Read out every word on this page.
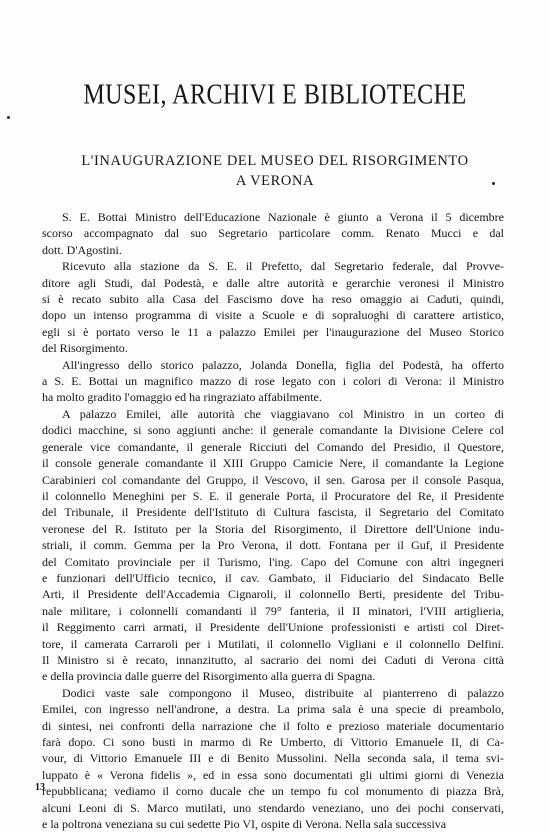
MUSEI, ARCHIVI E BIBLIOTECHE
L'INAUGURAZIONE DEL MUSEO DEL RISORGIMENTO
A VERONA

S. E. Bottai Ministro dell'Educazione Nazionale è giunto a Verona il 5 dicembre
scorso accompagnato dal suo Segretario particolare comm. Renato Mucci e dal
dott. D'Agostini.

Ricevuto alla stazione da S. E. il Prefetto, dal Segretario federale, dal Provve-
ditore agli Studi, dal Podestà, e dalle altre autorità e gerarchie veronesi il Ministro
si è recato subito alla Casa del Fascismo dove ha reso omaggio ai Caduti, quindi,
dopo un intenso programma di visite a Scuole e di sopraluoghi di carattere artistico,
egli si è portato verso le 11 a palazzo Emilei per l'inaugurazione del Museo Storico
del Risorgimento.

All'ingresso dello storico palazzo, Jolanda Donella, figlia del Podestà, ha offerto
a S. E. Bottai un magnifico mazzo di rose legato con i colori di Verona: il Ministro
ha molto gradito l'omaggio ed ha ringraziato affabilmente.

A palazzo Emilei, alle autorità che viaggiavano col Ministro in un corteo di
dodici macchine, si sono aggiunti anche: il generale comandante la Divisione Celere col
generale vice comandante, il generale Ricciuti del Comando del Presidio, il Questore,
il console generale comandante il XIII Gruppo Camicie Nere, il comandante la Legione
Carabinieri col comandante del Gruppo, il Vescovo, il sen. Garosa per il console Pasqua,
il colonnello Meneghini per S. E. il generale Porta, il Procuratore del Re, il Presidente
del Tribunale, il Presidente dell'Istituto di Cultura fascista, il Segretario del Comitato
veronese del R. Istituto per la Storia del Risorgimento, il Direttore dell'Unione indu-
striali, il comm. Gemma per la Pro Verona, il dott. Fontana per il Guf, il Presidente
del Comitato provinciale per il Turismo, l'ing. Capo del Comune con altri ingegneri
e funzionari dell'Ufficio tecnico, il cav. Gambato, il Fiduciario del Sindacato Belle
Arti, il Presidente dell'Accademia Cignaroli, il colonnello Berti, presidente del Tribu-
nale militare, i colonnelli comandanti il 79° fanteria, il II minatori, l'VIII artiglieria,
il Reggimento carri armati, il Presidente dell'Unione professionisti e artisti col Diret-
tore, il camerata Carraroli per i Mutilati, il colonnello Vigliani e il colonnello Delfini.
Il Ministro si è recato, innanzitutto, al sacrario dei nomi dei Caduti di Verona città
e della provincia dalle guerre del Risorgimento alla guerra di Spagna.

Dodici vaste sale compongono il Museo, distribuite al pianterreno di palazzo
Emilei, con ingresso nell'androne, a destra. La prima sala è una specie di preambolo,
di sintesi, nei confronti della narrazione che il folto e prezioso materiale documentario
farà dopo. Ci sono busti in marmo di Re Umberto, di Vittorio Emanuele II, di Ca-
vour, di Vittorio Emanuele III e di Benito Mussolini. Nella seconda sala, il tema svi-
luppato è « Verona fidelis », ed in essa sono documentati gli ultimi giorni di Venezia
repubblicana; vediamo il corno ducale che un tempo fu col monumento di piazza Brà,
alcuni Leoni di S. Marco mutilati, uno stendardo veneziano, uno dei pochi conservati,
e la poltrona veneziana su cui sedette Pio VI, ospite di Verona. Nella sala successiva

13
